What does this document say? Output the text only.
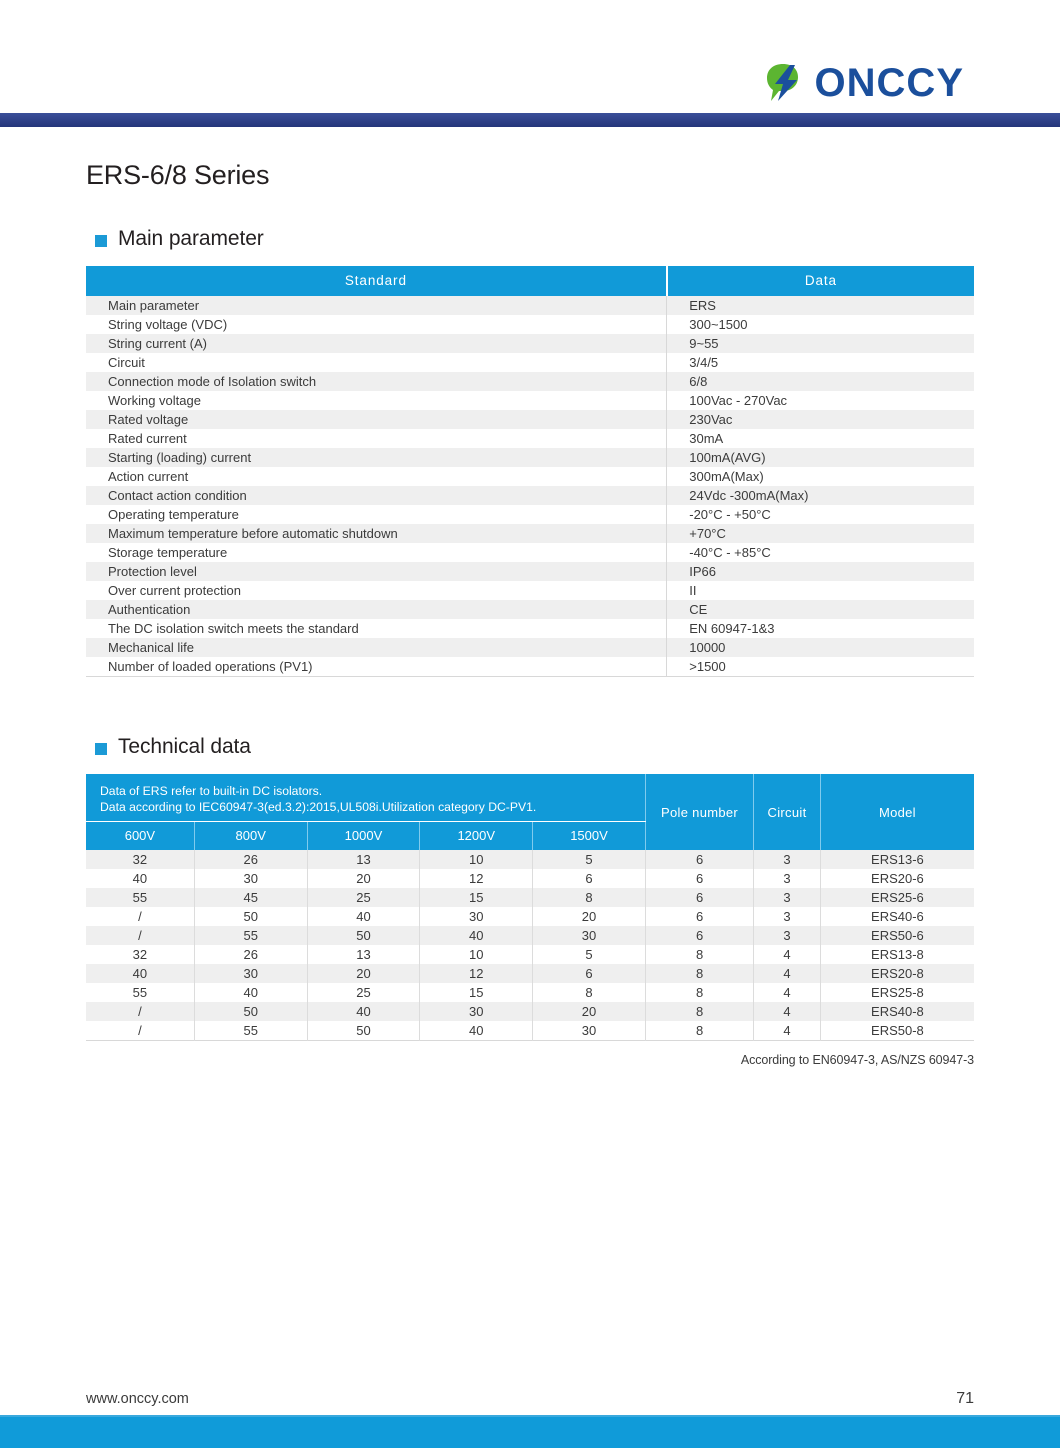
ONCCY
ERS-6/8 Series
Main parameter
Standard	Data
Main parameter	ERS
String voltage (VDC)	300~1500
String current (A)	9~55
Circuit	3/4/5
Connection mode of Isolation switch	6/8
Working voltage	100Vac - 270Vac
Rated voltage	230Vac
Rated current	30mA
Starting (loading) current	100mA(AVG)
Action current	300mA(Max)
Contact action condition	24Vdc -300mA(Max)
Operating temperature	-20°C - +50°C
Maximum temperature before automatic shutdown	+70°C
Storage temperature	-40°C - +85°C
Protection level	IP66
Over current protection	II
Authentication	CE
The DC isolation switch meets the standard	EN 60947-1&3
Mechanical life	10000
Number of loaded operations (PV1)	>1500
Technical data
Data of ERS refer to built-in DC isolators.
Data according to IEC60947-3(ed.3.2):2015,UL508i.Utilization category DC-PV1.					Pole number	Circuit	Model
600V	800V	1000V	1200V	1500V			
32	26	13	10	5	6	3	ERS13-6
40	30	20	12	6	6	3	ERS20-6
55	45	25	15	8	6	3	ERS25-6
/	50	40	30	20	6	3	ERS40-6
/	55	50	40	30	6	3	ERS50-6
32	26	13	10	5	8	4	ERS13-8
40	30	20	12	6	8	4	ERS20-8
55	40	25	15	8	8	4	ERS25-8
/	50	40	30	20	8	4	ERS40-8
/	55	50	40	30	8	4	ERS50-8
According to EN60947-3, AS/NZS 60947-3
www.onccy.com	71
